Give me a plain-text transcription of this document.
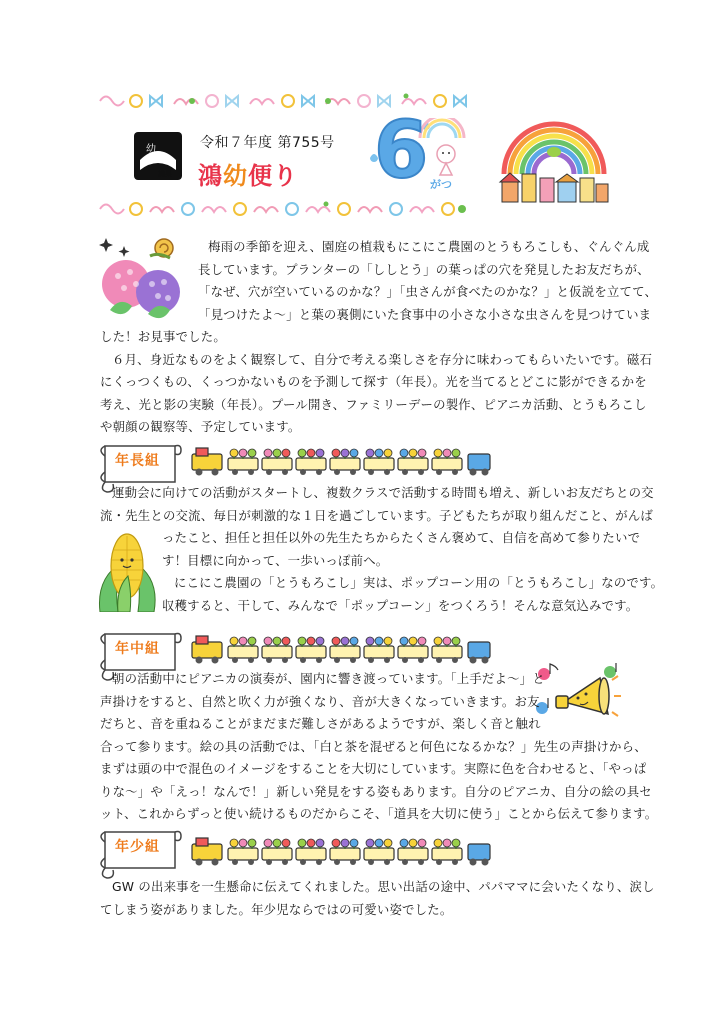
幼
鴻巣
令和７年度 第755号
鴻幼便り 6 がつ
梅雨の季節を迎え、園庭の植栽もにこにこ農園のとうもろこしも、ぐんぐん成
長しています。プランターの「ししとう」の葉っぱの穴を発見したお友だちが、
「なぜ、穴が空いているのかな？」｢虫さんが食べたのかな？」と仮説を立てて、
「見つけたよ～」と葉の裏側にいた食事中の小さな小さな虫さんを見つけていま
した！お見事でした。
６月、身近なものをよく観察して、自分で考える楽しさを存分に味わってもらいたいです。磁石
にくっつくもの、くっつかないものを予測して探す（年長）。光を当てるとどこに影ができるかを
考え、光と影の実験（年長）。プール開き、ファミリーデーの製作、ピアニカ活動、とうもろこし
や朝顔の観察等、予定しています。
年長組
運動会に向けての活動がスタートし、複数クラスで活動する時間も増え、新しいお友だちとの交
流・先生との交流、毎日が刺激的な１日を過ごしています。子どもたちが取り組んだこと、がんば
ったこと、担任と担任以外の先生たちからたくさん褒めて、自信を高めて参りたいで
す！目標に向かって、一歩いっぽ前へ。
にこにこ農園の「とうもろこし」実は、ポップコーン用の「とうもろこし」なのです。
収穫すると、干して、みんなで「ポップコーン」をつくろう！そんな意気込みです。
年中組
朝の活動中にピアニカの演奏が、園内に響き渡っています。｢上手だよ～」と
声掛けをすると、自然と吹く力が強くなり、音が大きくなっていきます。お友
だちと、音を重ねることがまだまだ難しさがあるようですが、楽しく音と触れ
合って参ります。絵の具の活動では、「白と茶を混ぜると何色になるかな？」先生の声掛けから、
まずは頭の中で混色のイメージをすることを大切にしています。実際に色を合わせると、「やっぱ
りな～」や「えっ！なんで！」新しい発見をする姿もあります。自分のピアニカ、自分の絵の具セ
ット、これからずっと使い続けるものだからこそ、｢道具を大切に使う」ことから伝えて参ります。
年少組
GW の出来事を一生懸命に伝えてくれました。思い出話の途中、パパママに会いたくなり、涙し
てしまう姿がありました。年少児ならではの可愛い姿でした。
